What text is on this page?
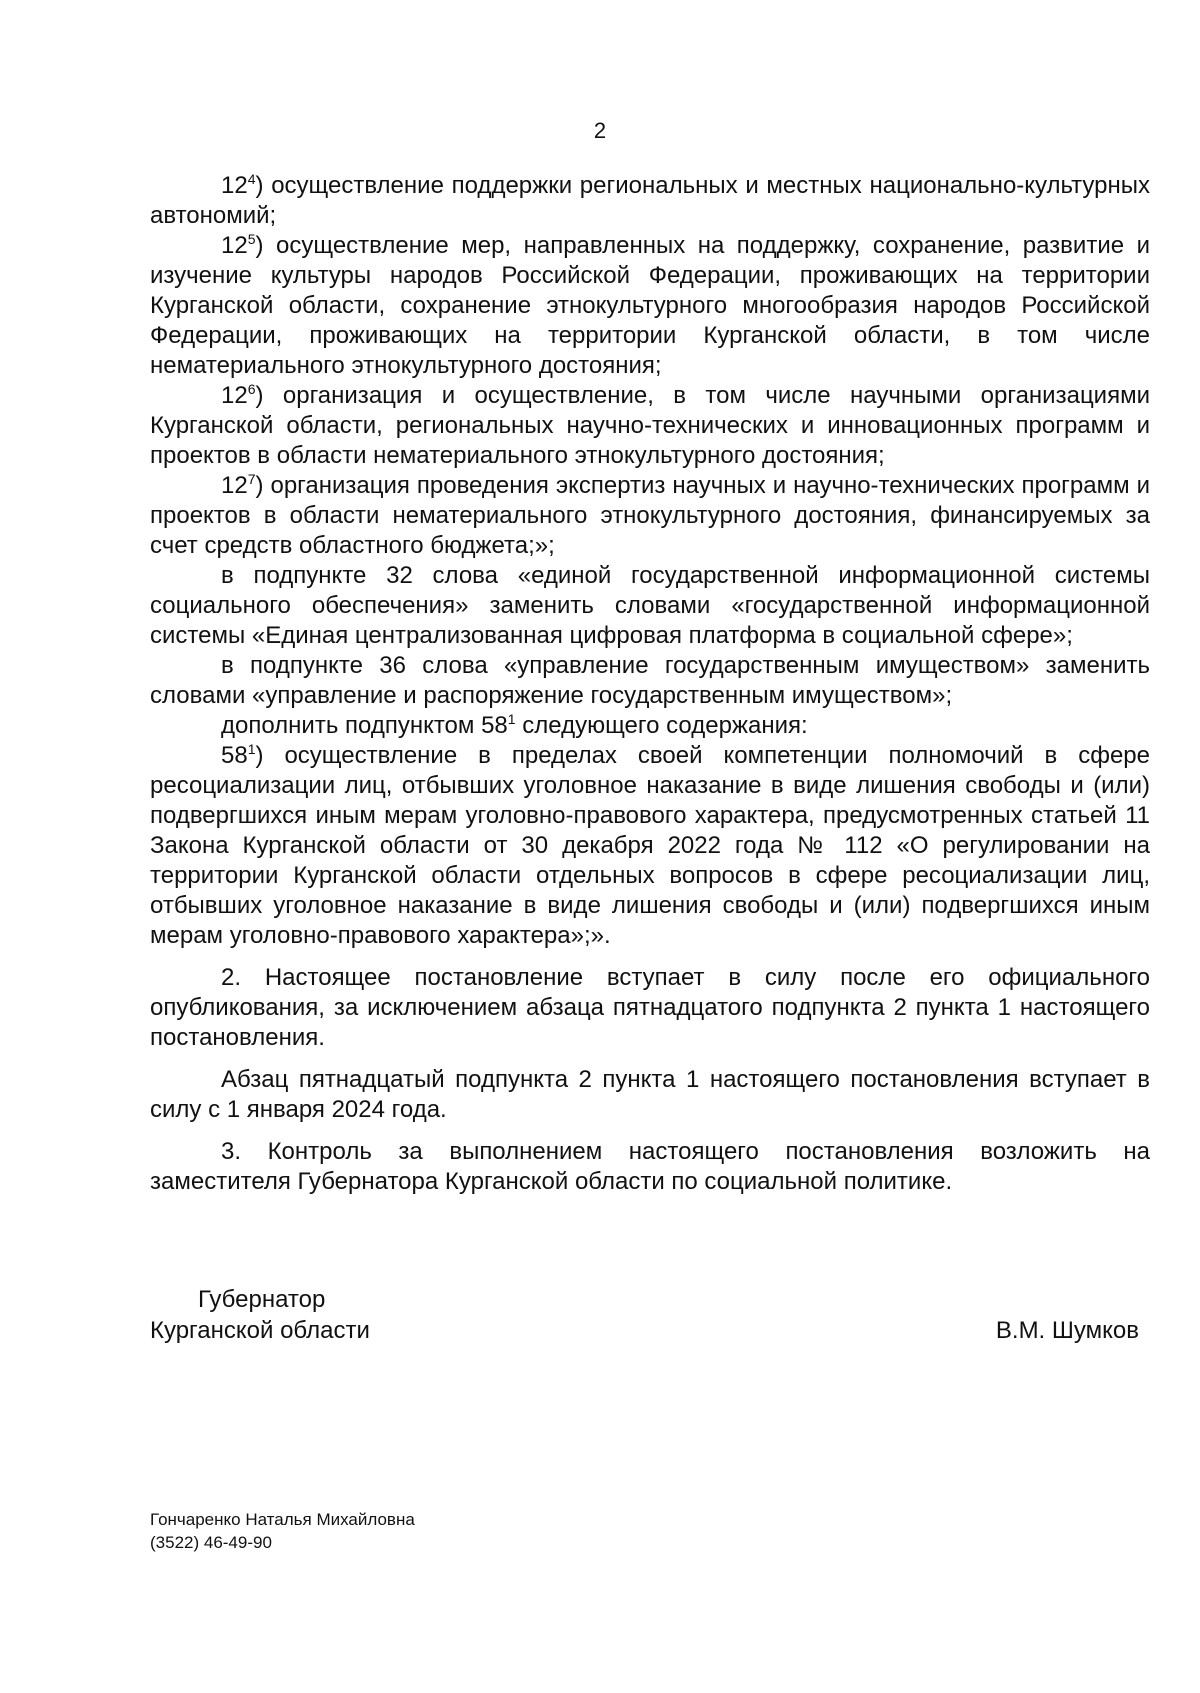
2

$12^4$) осуществление поддержки региональных и местных национально-культурных автономий;

$12^5$) осуществление мер, направленных на поддержку, сохранение, развитие и изучение культуры народов Российской Федерации, проживающих на территории Курганской области, сохранение этнокультурного многообразия народов Российской Федерации, проживающих на территории Курганской области, в том числе нематериального этнокультурного достояния;

$12^6$) организация и осуществление, в том числе научными организациями Курганской области, региональных научно-технических и инновационных программ и проектов в области нематериального этнокультурного достояния;

$12^7$) организация проведения экспертиз научных и научно-технических программ и проектов в области нематериального этнокультурного достояния, финансируемых за счет средств областного бюджета;»;

в подпункте 32 слова «единой государственной информационной системы социального обеспечения» заменить словами «государственной информационной системы «Единая централизованная цифровая платформа в социальной сфере»;

в подпункте 36 слова «управление государственным имуществом» заменить словами «управление и распоряжение государственным имуществом»;

дополнить подпунктом $58^1$ следующего содержания:

$58^1$) осуществление в пределах своей компетенции полномочий в сфере ресоциализации лиц, отбывших уголовное наказание в виде лишения свободы и (или) подвергшихся иным мерам уголовно-правового характера, предусмотренных статьей 11 Закона Курганской области от 30 декабря 2022 года № 112 «О регулировании на территории Курганской области отдельных вопросов в сфере ресоциализации лиц, отбывших уголовное наказание в виде лишения свободы и (или) подвергшихся иным мерам уголовно-правового характера»;».

2. Настоящее постановление вступает в силу после его официального опубликования, за исключением абзаца пятнадцатого подпункта 2 пункта 1 настоящего постановления.

Абзац пятнадцатый подпункта 2 пункта 1 настоящего постановления вступает в силу с 1 января 2024 года.

3. Контроль за выполнением настоящего постановления возложить на заместителя Губернатора Курганской области по социальной политике.

Губернатор
Курганской области	В.М. Шумков
Гончаренко Наталья Михайловна
(3522) 46-49-90
